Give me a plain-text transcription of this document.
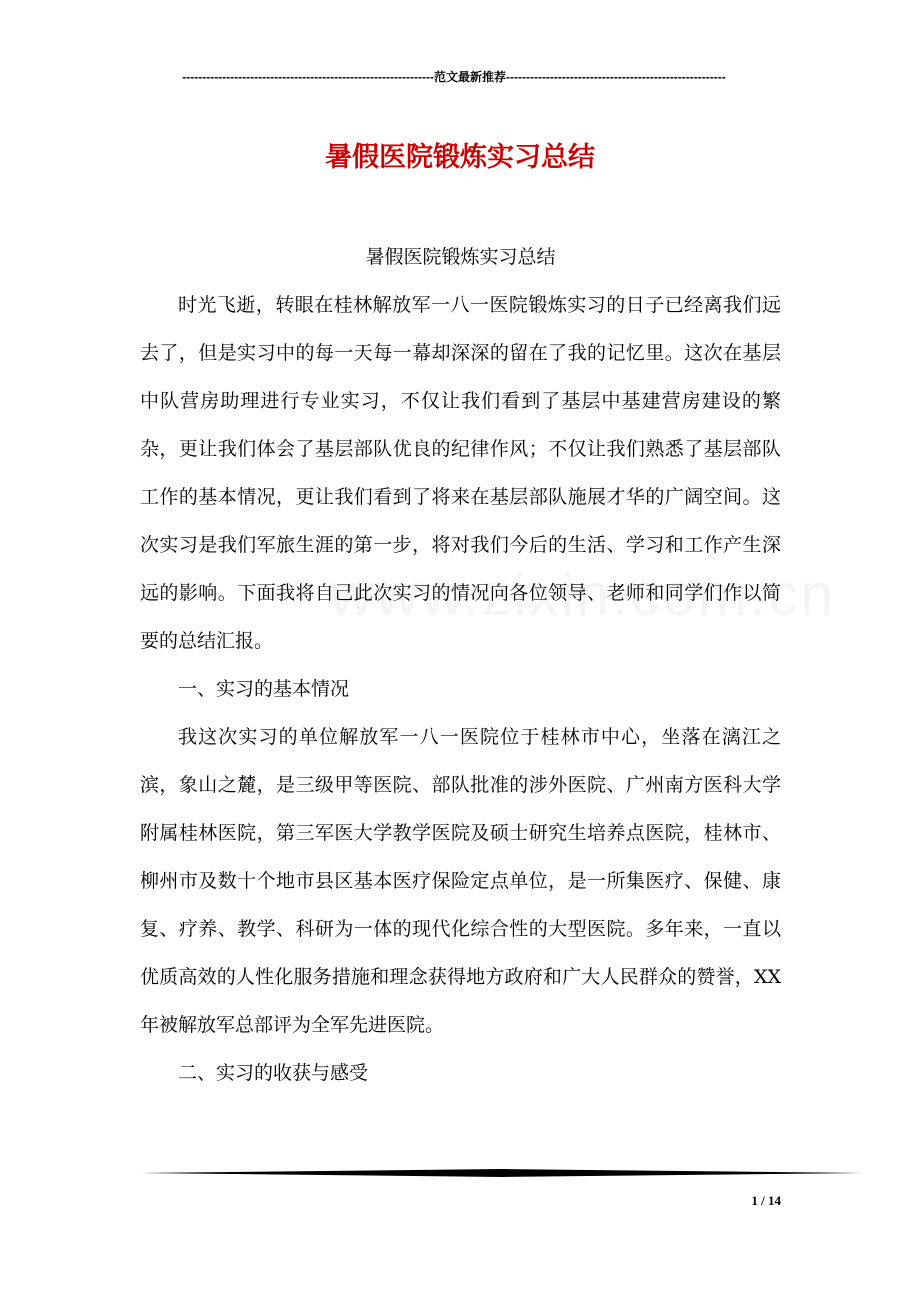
---------------------------------------------------------------范文最新推荐-------------------------------------------------------
暑假医院锻炼实习总结

暑假医院锻炼实习总结

时光飞逝，转眼在桂林解放军一八一医院锻炼实习的日子已经离我们远去了，但是实习中的每一天每一幕却深深的留在了我的记忆里。这次在基层中队营房助理进行专业实习，不仅让我们看到了基层中基建营房建设的繁杂，更让我们体会了基层部队优良的纪律作风；不仅让我们熟悉了基层部队工作的基本情况，更让我们看到了将来在基层部队施展才华的广阔空间。这次实习是我们军旅生涯的第一步，将对我们今后的生活、学习和工作产生深远的影响。下面我将自己此次实习的情况向各位领导、老师和同学们作以简要的总结汇报。

一、实习的基本情况

我这次实习的单位解放军一八一医院位于桂林市中心，坐落在漓江之滨，象山之麓，是三级甲等医院、部队批准的涉外医院、广州南方医科大学附属桂林医院，第三军医大学教学医院及硕士研究生培养点医院，桂林市、柳州市及数十个地市县区基本医疗保险定点单位，是一所集医疗、保健、康复、疗养、教学、科研为一体的现代化综合性的大型医院。多年来，一直以优质高效的人性化服务措施和理念获得地方政府和广大人民群众的赞誉，XX年被解放军总部评为全军先进医院。

二、实习的收获与感受

1 / 14
